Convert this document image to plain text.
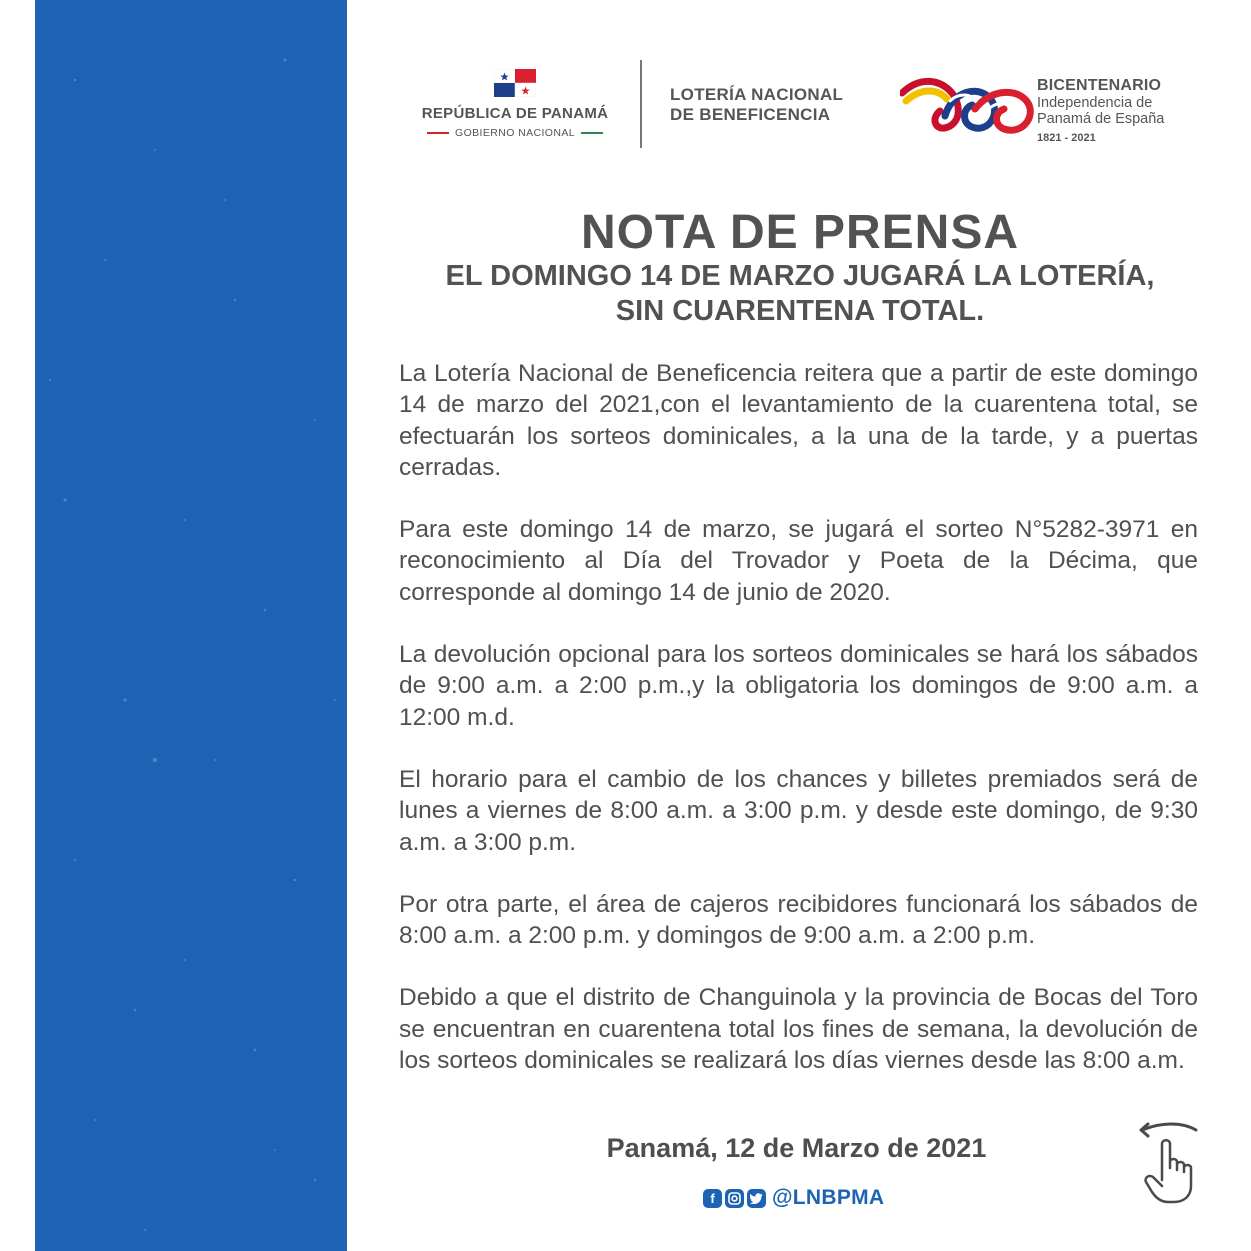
REPÚBLICA DE PANAMÁ
GOBIERNO NACIONAL
LOTERÍA NACIONAL
DE BENEFICENCIA
BICENTENARIO
Independencia de
Panamá de España
1821 - 2021
NOTA DE PRENSA
EL DOMINGO 14 DE MARZO JUGARÁ LA LOTERÍA,
SIN CUARENTENA TOTAL.

La Lotería Nacional de Beneficencia reitera que a partir de este domingo 14 de marzo del 2021,con el levantamiento de la cuarentena total, se efectuarán los sorteos dominicales, a la una de la tarde, y a puertas cerradas.

Para este domingo 14 de marzo, se jugará el sorteo N°5282-3971 en reconocimiento al Día del Trovador y Poeta de la Décima, que corresponde al domingo 14 de junio de 2020.

La devolución opcional para los sorteos dominicales se hará los sábados de 9:00 a.m. a 2:00 p.m.,y la obligatoria los domingos de 9:00 a.m. a 12:00 m.d.

El horario para el cambio de los chances y billetes premiados será de lunes a viernes de 8:00 a.m. a 3:00 p.m. y desde este domingo, de 9:30 a.m. a 3:00 p.m.

Por otra parte, el área de cajeros recibidores funcionará los sábados de 8:00 a.m. a 2:00 p.m. y domingos de 9:00 a.m. a 2:00 p.m.

Debido a que el distrito de Changuinola y la provincia de Bocas del Toro se encuentran en cuarentena total los fines de semana, la devolución de los sorteos dominicales se realizará los días viernes desde las 8:00 a.m.

Panamá, 12 de Marzo de 2021
f	@LNBPMA
